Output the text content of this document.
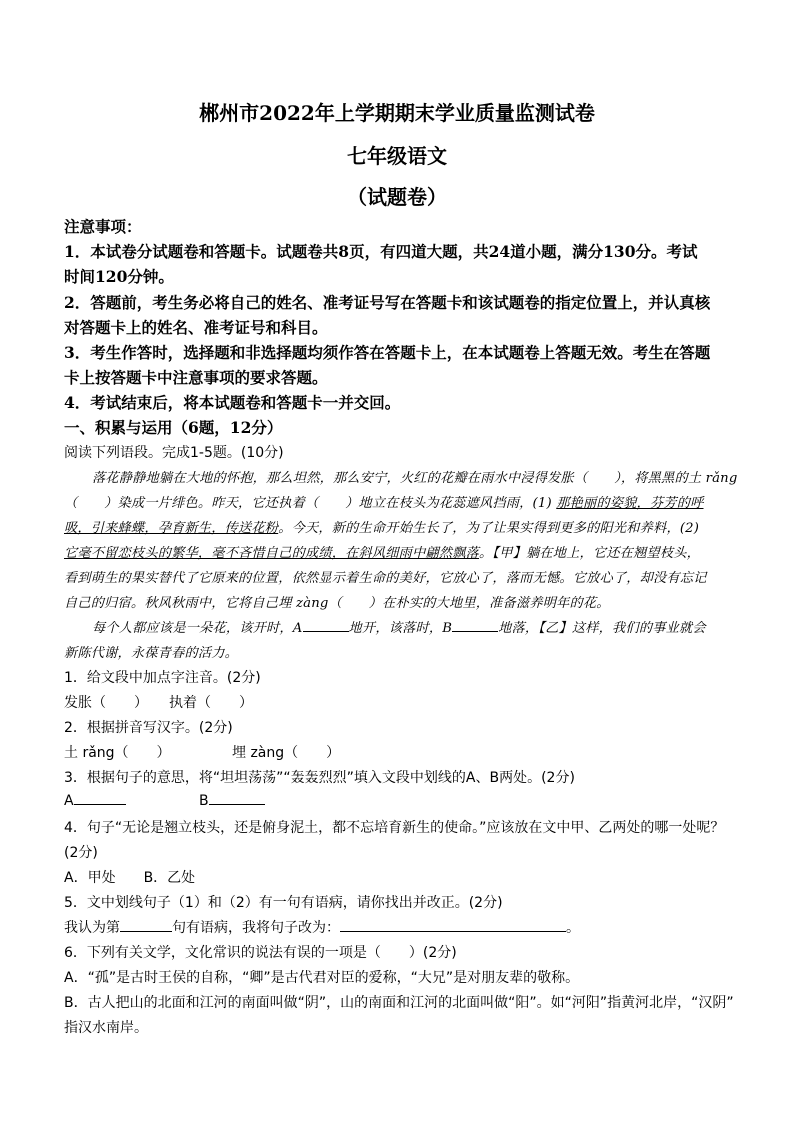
郴州市2022年上学期期末学业质量监测试卷
七年级语文
（试题卷）
注意事项：
1．本试卷分试题卷和答题卡。试题卷共8页，有四道大题，共24道小题，满分130分。考试
时间120分钟。
2．答题前，考生务必将自己的姓名、准考证号写在答题卡和该试题卷的指定位置上，并认真核
对答题卡上的姓名、准考证号和科目。
3．考生作答时，选择题和非选择题均须作答在答题卡上，在本试题卷上答题无效。考生在答题
卡上按答题卡中注意事项的要求答题。
4．考试结束后，将本试题卷和答题卡一并交回。
一、积累与运用（6题，12分）
阅读下列语段。完成1-5题。(10分)
落花静静地躺在大地的怀抱，那么坦然，那么安宁，火红的花瓣在雨水中浸得发胀（　　），将黑黑的土 rǎng
（　　）染成一片绯色。昨天，它还执着（　　）地立在枝头为花蕊遮风挡雨，(1) 那艳丽的姿貌，芬芳的呼
吸，引来蜂蝶，孕育新生，传送花粉。今天，新的生命开始生长了，为了让果实得到更多的阳光和养料，(2)
它毫不留恋枝头的繁华，毫不吝惜自己的成绩，在斜风细雨中翩然飘落。【甲】躺在地上，它还在翘望枝头，
看到萌生的果实替代了它原来的位置，依然显示着生命的美好，它放心了，落而无憾。它放心了，却没有忘记
自己的归宿。秋风秋雨中，它将自己埋 zàng（　　）在朴实的大地里，准备滋养明年的花。
每个人都应该是一朵花，该开时，A	地开，该落时，B	地落，【乙】这样，我们的事业就会
新陈代谢，永葆青春的活力。
1．给文段中加点字注音。(2分)
发胀（　　）　　执着（　　）
2．根据拼音写汉字。(2分)
土 rǎng（　　）	埋 zàng（　　）
3．根据句子的意思，将“坦坦荡荡”“轰轰烈烈”填入文段中划线的A、B两处。(2分)
A	B
4．句子“无论是翘立枝头，还是俯身泥土，都不忘培育新生的使命。”应该放在文中甲、乙两处的哪一处呢？
(2分)
A．甲处　　B．乙处
5．文中划线句子（1）和（2）有一句有语病，请你找出并改正。(2分)
我认为第	句有语病，我将句子改为：	。
6．下列有关文学，文化常识的说法有误的一项是（　　）(2分)
A．“孤”是古时王侯的自称，“卿”是古代君对臣的爱称，“大兄”是对朋友辈的敬称。
B．古人把山的北面和江河的南面叫做“阴”，山的南面和江河的北面叫做“阳”。如“河阳”指黄河北岸，“汉阴”
指汉水南岸。
